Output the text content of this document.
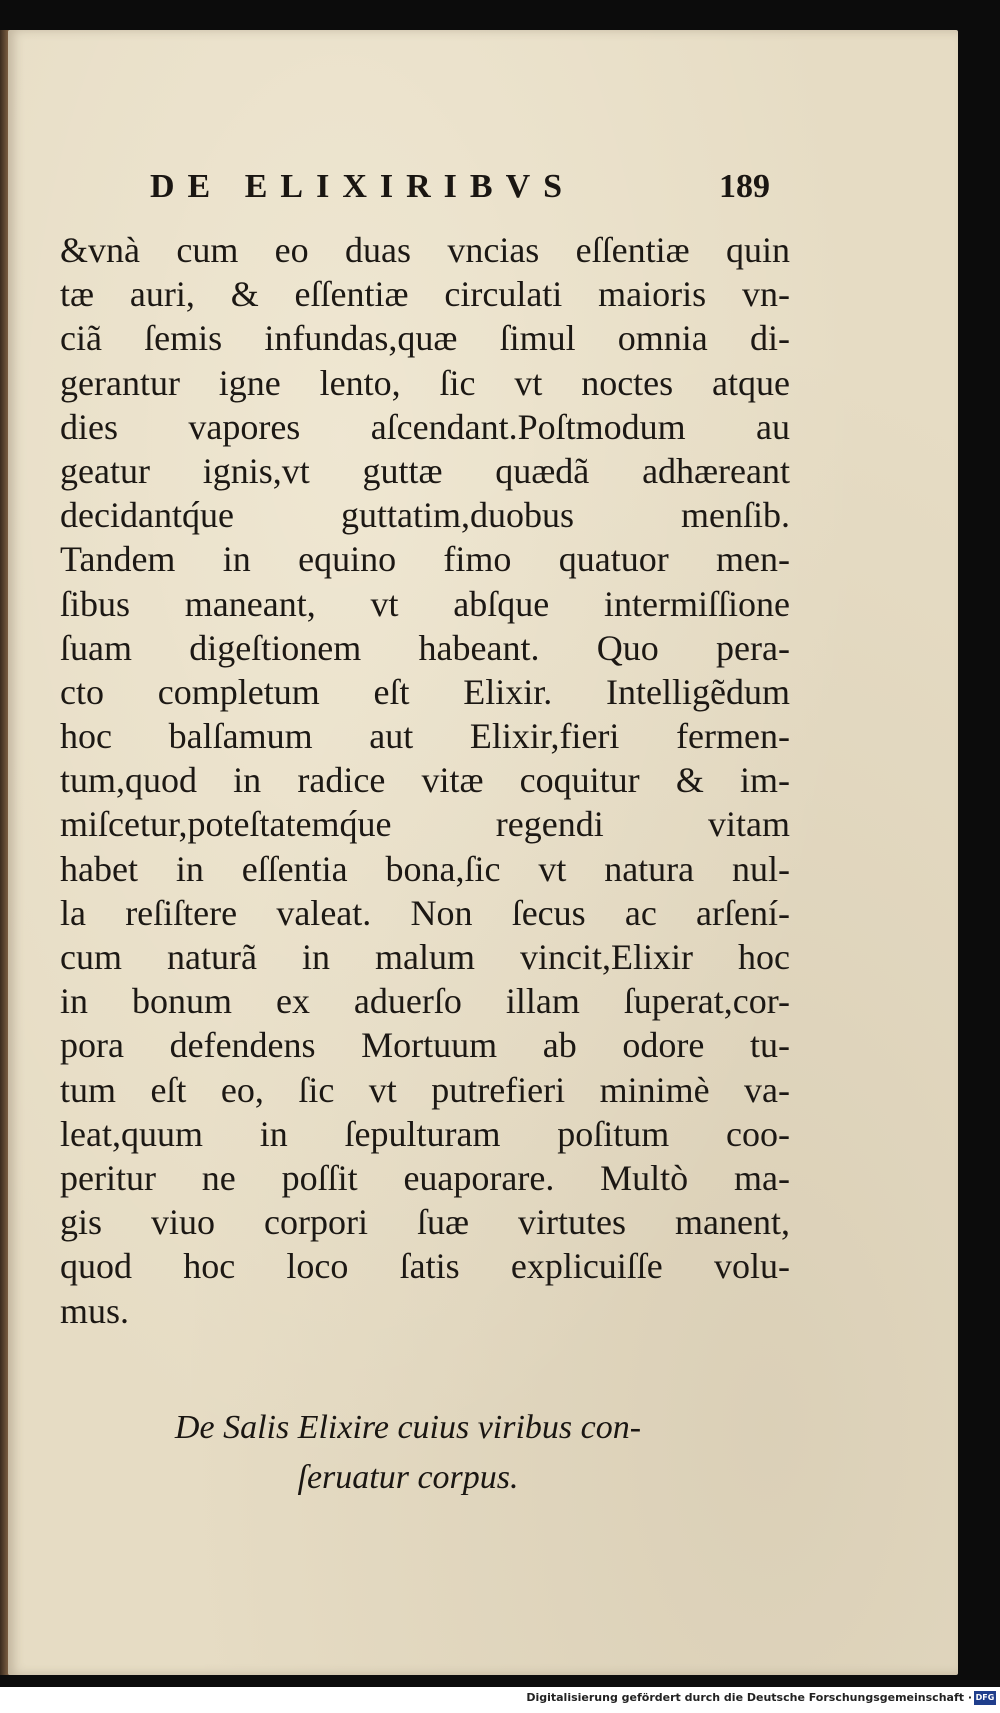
DE ELIXIRIBVS	189
&vnà cum eo duas vncias eſſentiæ quin
tæ auri, & eſſentiæ circulati maioris vn-
ciã ſemis infundas,quæ ſimul omnia di-
gerantur igne lento, ſic vt noctes atque
dies vapores aſcendant.Poſtmodum au
geatur ignis,vt guttæ quædã adhæreant
decidantq́ue guttatim,duobus menſib.
Tandem in equino fimo quatuor men-
ſibus maneant, vt abſque intermiſſione
ſuam digeſtionem habeant. Quo pera-
cto completum eſt Elixir. Intelligẽdum
hoc balſamum aut Elixir,fieri fermen-
tum,quod in radice vitæ coquitur & im-
miſcetur,poteſtatemq́ue regendi vitam
habet in eſſentia bona,ſic vt natura nul-
la reſiſtere valeat. Non ſecus ac arſení-
cum naturã in malum vincit,Elixir hoc
in bonum ex aduerſo illam ſuperat,cor-
pora defendens Mortuum ab odore tu-
tum eſt eo, ſic vt putrefieri minimè va-
leat,quum in ſepulturam poſitum coo-
peritur ne poſſit euaporare. Multò ma-
gis viuo corpori ſuæ virtutes manent,
quod hoc loco ſatis explicuiſſe volu-
mus.
De Salis Elixire cuius viribus con-
ſeruatur corpus.
Digitalisierung gefördert durch die Deutsche Forschungsgemeinschaft · DFG
